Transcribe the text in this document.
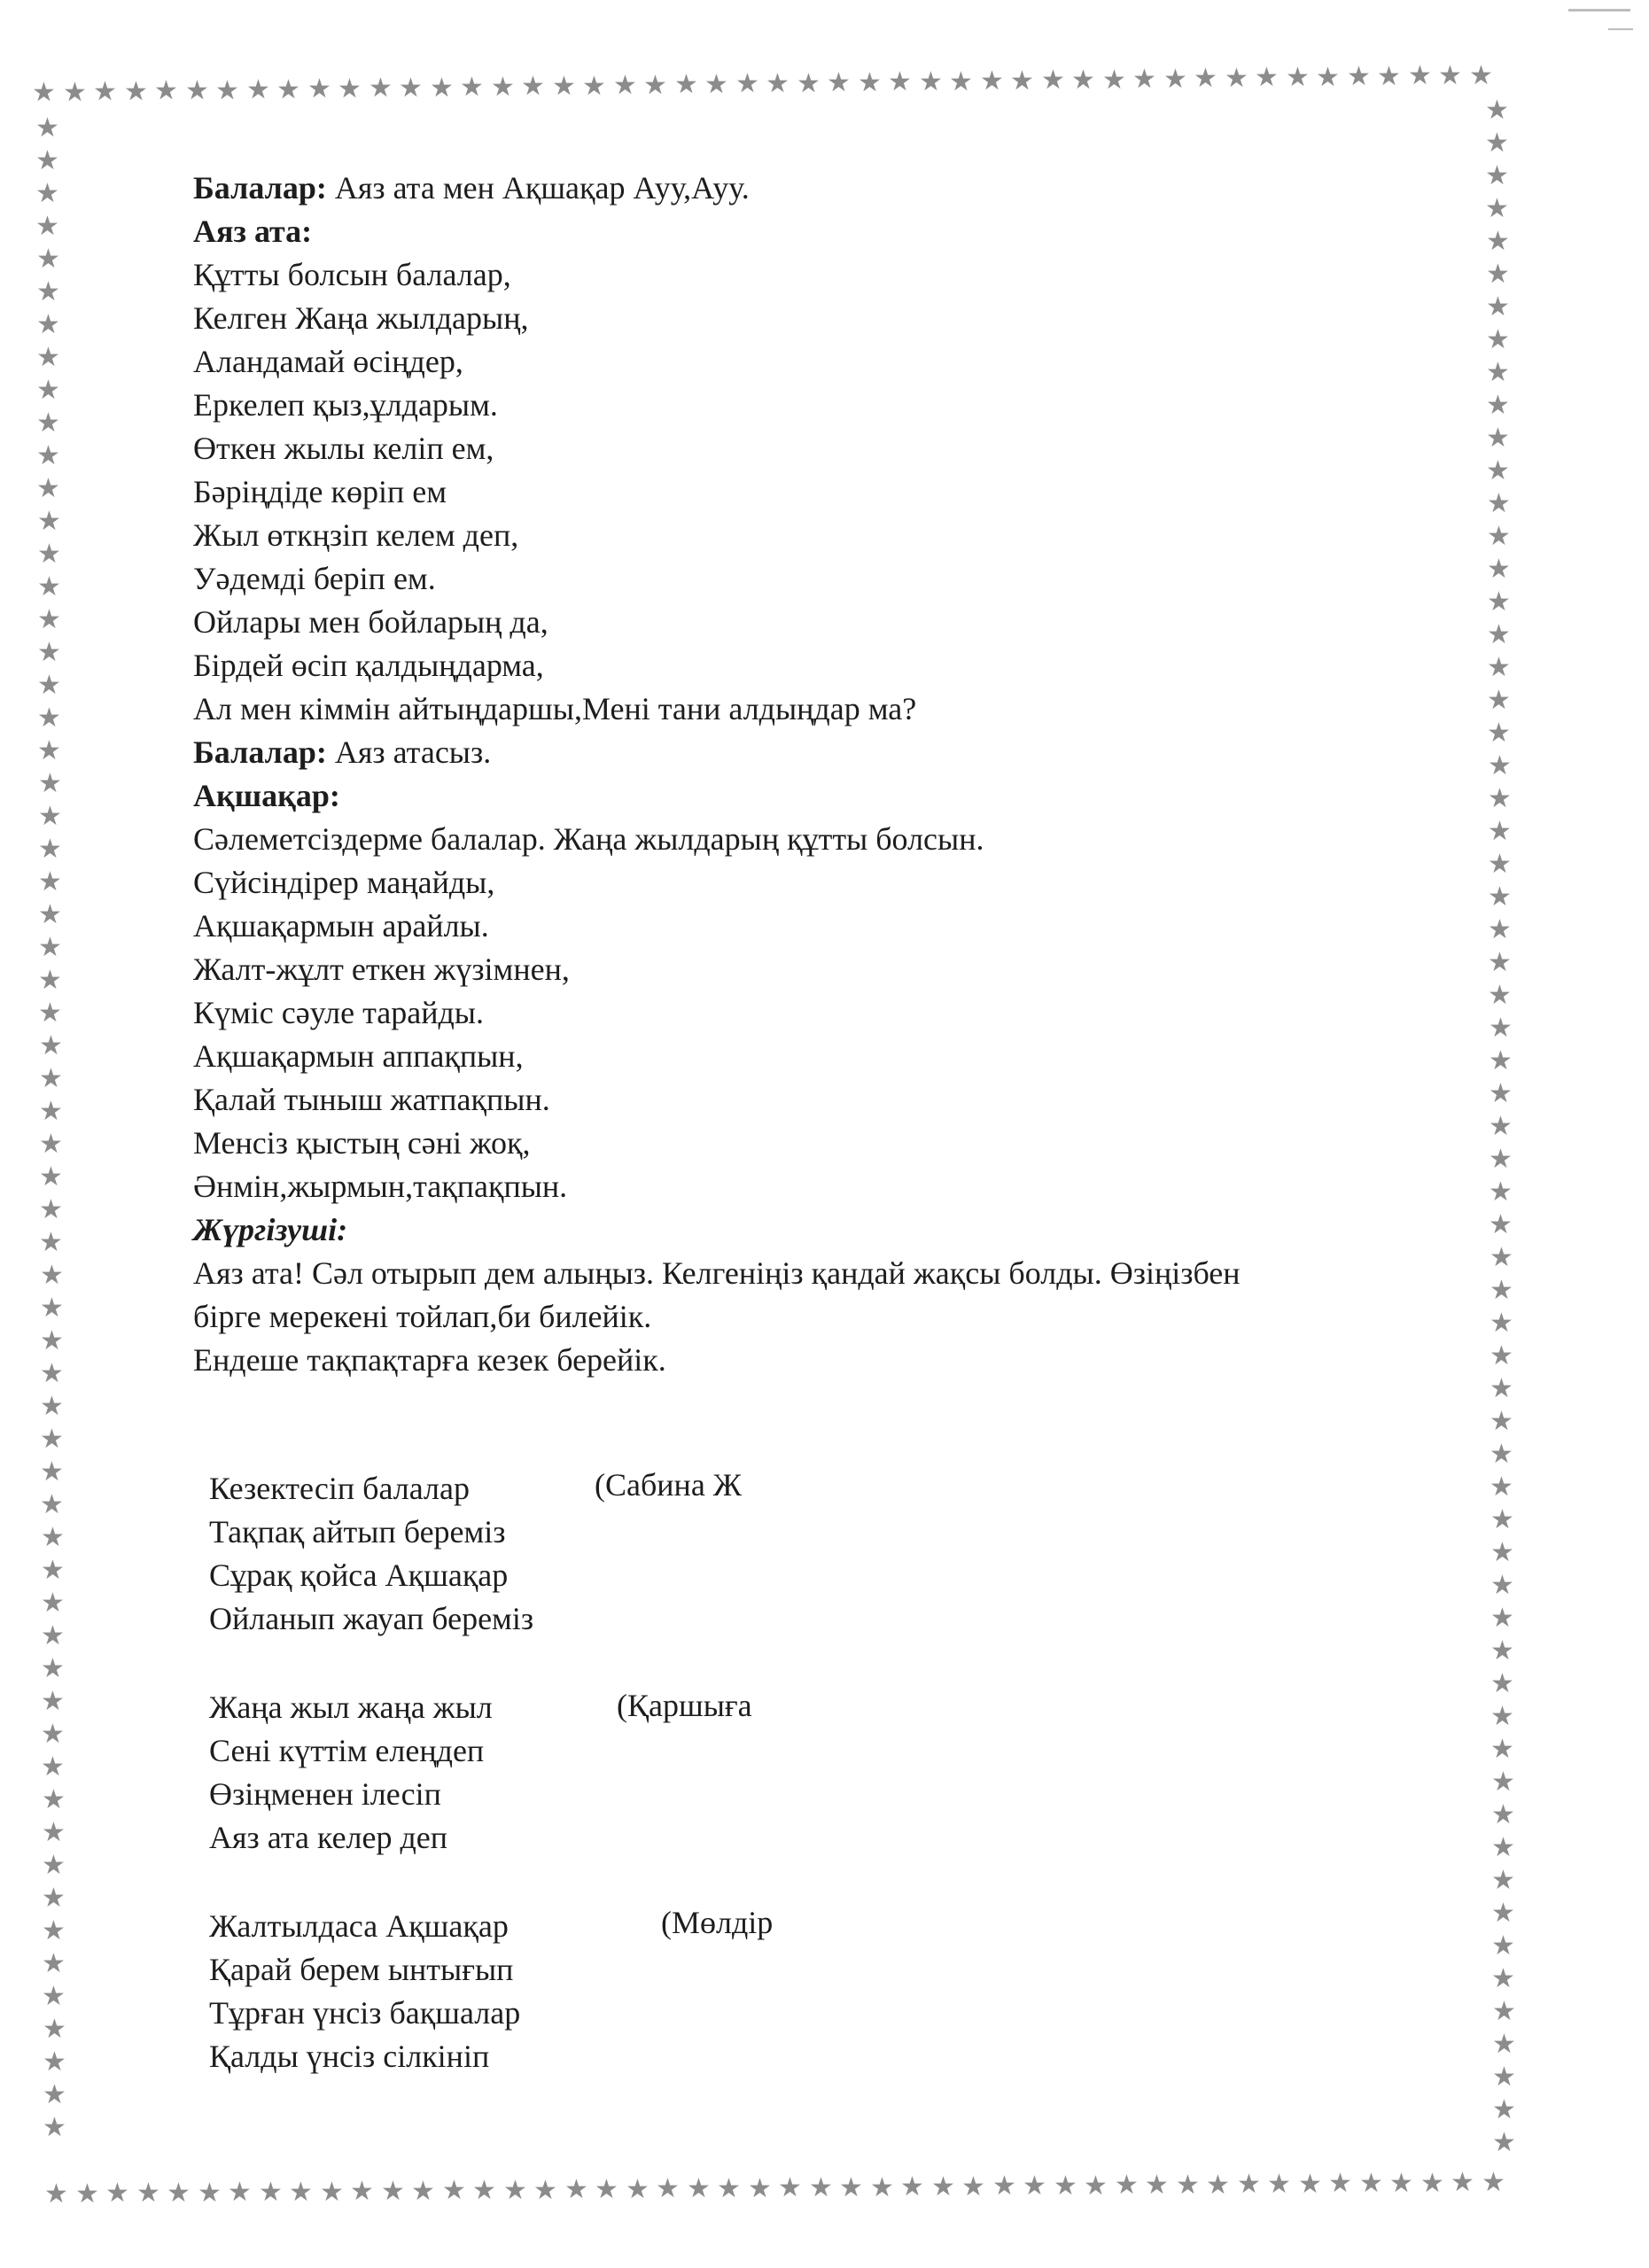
★ ★ ★ ★ ★ ★ ★ ★ ★ ★ ★ ★ ★ ★ ★ ★ ★ ★ ★ ★ ★ ★ ★ ★ ★ ★ ★ ★ ★ ★ ★ ★ ★ ★ ★ ★ ★ ★ ★ ★ ★ ★ ★ ★ ★ ★ ★ ★
★ ★ ★ ★ ★ ★ ★ ★ ★ ★ ★ ★ ★ ★ ★ ★ ★ ★ ★ ★ ★ ★ ★ ★ ★ ★ ★ ★ ★ ★ ★ ★ ★ ★ ★ ★ ★ ★ ★ ★ ★ ★ ★ ★ ★ ★ ★ ★
★
★
★
★
★
★
★
★
★
★
★
★
★
★
★
★
★
★
★
★
★
★
★
★
★
★
★
★
★
★
★
★
★
★
★
★
★
★
★
★
★
★
★
★
★
★
★
★
★
★
★
★
★
★
★
★
★
★
★
★
★
★
★
★
★
★
★
★
★
★
★
★
★
★
★
★
★
★
★
★
★
★
★
★
★
★
★
★
★
★
★
★
★
★
★
★
★
★
★
★
★
★
★
★
★
★
★
★
★
★
★
★
★
★
★
★
★
★
★
★
★
★
★
★
★
Балалар: Аяз ата мен Ақшақар Ауу,Ауу.
Аяз ата:
Құтты болсын балалар,
Келген Жаңа жылдарың,
Аландамай өсіңдер,
Еркелеп қыз,ұлдарым.
Өткен жылы келіп ем,
Бәріңдіде көріп ем
Жыл өткңзіп келем деп,
Уәдемді беріп ем.
Ойлары мен бойларың да,
Бірдей өсіп қалдыңдарма,
Ал мен кіммін айтыңдаршы,Мені тани алдыңдар ма?
Балалар: Аяз атасыз.
Ақшақар:
Сәлеметсіздерме балалар. Жаңа жылдарың құтты болсын.
Сүйсіндірер маңайды,
Ақшақармын арайлы.
Жалт-жұлт еткен жүзімнен,
Күміс сәуле тарайды.
Ақшақармын аппақпын,
Қалай тыныш жатпақпын.
Менсіз қыстың сәні жоқ,
Әнмін,жырмын,тақпақпын.
Жүргізуші:
Аяз ата! Сәл отырып дем алыңыз. Келгеніңіз қандай жақсы болды. Өзіңізбен
бірге мерекені тойлап,би билейік.
Ендеше тақпақтарға кезек берейік.
Кезектесіп балалар	(Сабина Ж
Тақпақ айтып береміз
Сұрақ қойса Ақшақар
Ойланып жауап береміз
Жаңа жыл жаңа жыл	(Қаршыға
Сені күттім елеңдеп
Өзіңменен ілесіп
Аяз ата келер деп
Жалтылдаса Ақшақар	(Мөлдір
Қарай берем ынтығып
Тұрған үнсіз бақшалар
Қалды үнсіз сілкініп
